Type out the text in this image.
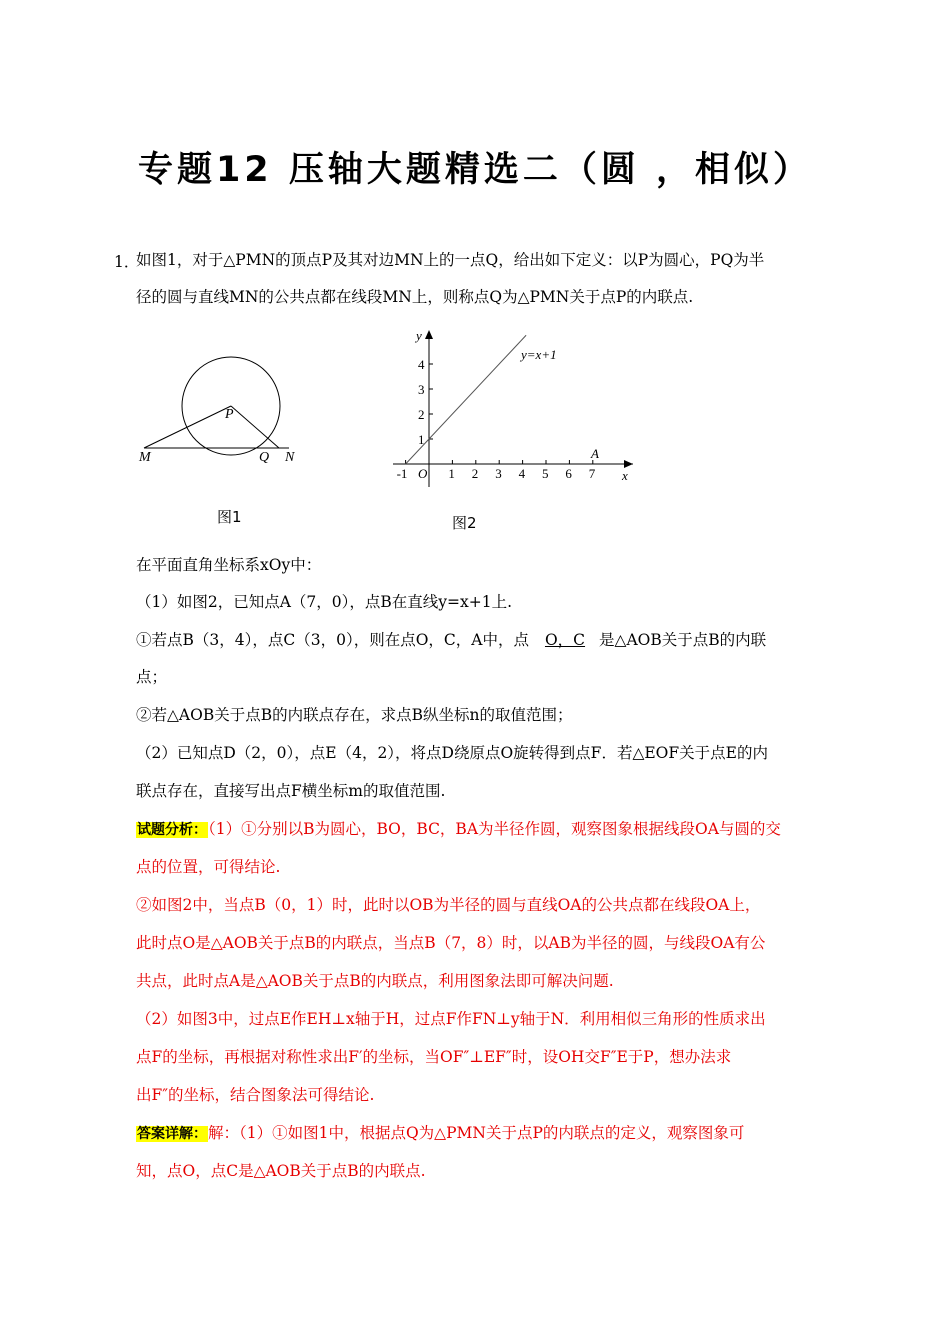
专题12 压轴大题精选二（圆 ，相似）
1．
如图1，对于△PMN的顶点P及其对边MN上的一点Q，给出如下定义：以P为圆心，PQ为半
径的圆与直线MN的公共点都在线段MN上，则称点Q为△PMN关于点P的内联点.
P
M	Q N
图1
-1	1 2 3 4 5 6 7
1
2
3
4
y
x
O
A
y=x+1
图2
在平面直角坐标系xOy中：
（1）如图2，已知点A（7，0），点B在直线y=x+1上.
①若点B（3，4），点C（3，0），则在点O，C，A中，点 O，C 是△AOB关于点B的内联
点；
②若△AOB关于点B的内联点存在，求点B纵坐标n的取值范围；
（2）已知点D（2，0），点E（4，2），将点D绕原点O旋转得到点F．若△EOF关于点E的内
联点存在，直接写出点F横坐标m的取值范围.
试题分析：（1）①分别以B为圆心，BO，BC，BA为半径作圆，观察图象根据线段OA与圆的交
点的位置，可得结论.
②如图2中，当点B（0，1）时，此时以OB为半径的圆与直线OA的公共点都在线段OA上，
此时点O是△AOB关于点B的内联点，当点B（7，8）时，以AB为半径的圆，与线段OA有公
共点，此时点A是△AOB关于点B的内联点，利用图象法即可解决问题.
（2）如图3中，过点E作EH⊥x轴于H，过点F作FN⊥y轴于N．利用相似三角形的性质求出
点F的坐标，再根据对称性求出F′的坐标，当OF″⊥EF″时，设OH交F″E于P，想办法求
出F″的坐标，结合图象法可得结论.
答案详解：解：（1）①如图1中，根据点Q为△PMN关于点P的内联点的定义，观察图象可
知，点O，点C是△AOB关于点B的内联点.
